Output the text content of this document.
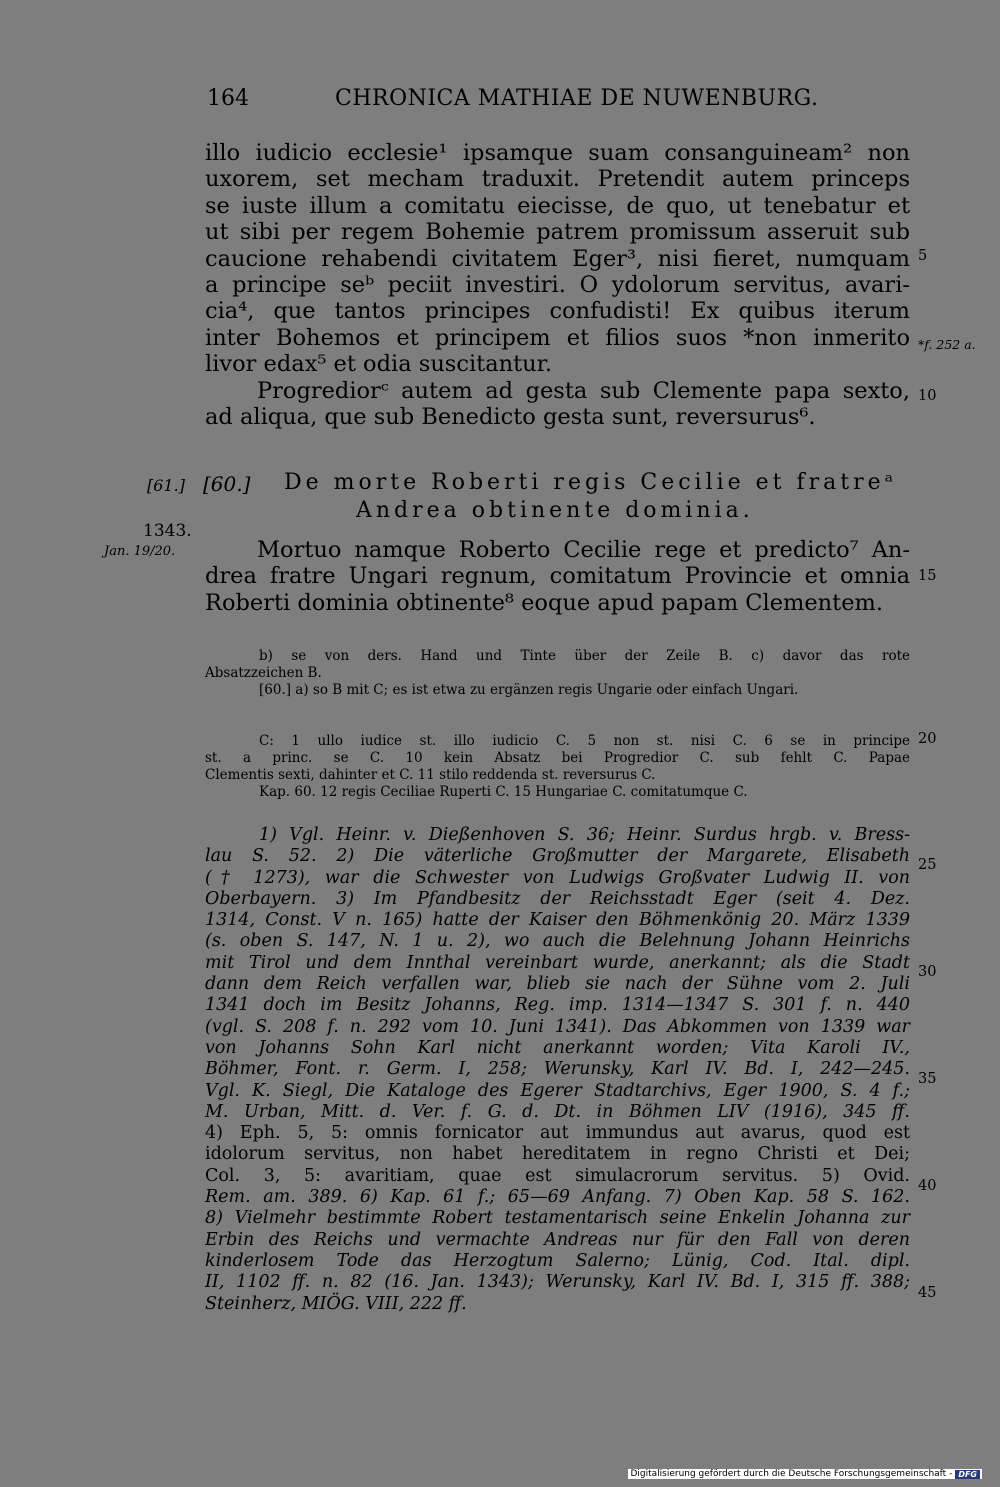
164	CHRONICA MATHIAE DE NUWENBURG.
illo iudicio ecclesie¹ ipsamque suam consanguineam² non
uxorem, set mecham traduxit. Pretendit autem princeps
se iuste illum a comitatu eiecisse, de quo, ut tenebatur et
ut sibi per regem Bohemie patrem promissum asseruit sub
caucione rehabendi civitatem Eger³, nisi fieret, numquam
a principe seᵇ peciit investiri. O ydolorum servitus, avari-
cia⁴, que tantos principes confudisti! Ex quibus iterum
inter Bohemos et principem et filios suos *non inmerito
livor edax⁵ et odia suscitantur.
Progrediorᶜ autem ad gesta sub Clemente papa sexto,
ad aliqua, que sub Benedicto gesta sunt, reversurus⁶.
5
*f. 252 a.
10
[61.] [60.] De morte Roberti regis Cecilie et fratreᵃ
Andrea obtinente dominia.
1343.
Jan. 19/20.	Mortuo namque Roberto Cecilie rege et predicto⁷ An-
drea fratre Ungari regnum, comitatum Provincie et omnia
Roberti dominia obtinente⁸ eoque apud papam Clementem.
15
b) se von ders. Hand und Tinte über der Zeile B. c) davor das rote
Absatzzeichen B.
[60.] a) so B mit C; es ist etwa zu ergänzen regis Ungarie oder einfach Ungari.
C: 1 ullo iudice st. illo iudicio C. 5 non st. nisi C. 6 se in principe
st. a princ. se C. 10 kein Absatz bei Progredior C. sub fehlt C. Papae
Clementis sexti, dahinter et C. 11 stilo reddenda st. reversurus C.
Kap. 60. 12 regis Ceciliae Ruperti C. 15 Hungariae C. comitatumque C.
20
1) Vgl. Heinr. v. Dießenhoven S. 36; Heinr. Surdus hrgb. v. Bress-
lau S. 52. 2) Die väterliche Großmutter der Margarete, Elisabeth
(† 1273), war die Schwester von Ludwigs Großvater Ludwig II. von
Oberbayern. 3) Im Pfandbesitz der Reichsstadt Eger (seit 4. Dez.
1314, Const. V n. 165) hatte der Kaiser den Böhmenkönig 20. März 1339
(s. oben S. 147, N. 1 u. 2), wo auch die Belehnung Johann Heinrichs
mit Tirol und dem Innthal vereinbart wurde, anerkannt; als die Stadt
dann dem Reich verfallen war, blieb sie nach der Sühne vom 2. Juli
1341 doch im Besitz Johanns, Reg. imp. 1314—1347 S. 301 f. n. 440
(vgl. S. 208 f. n. 292 vom 10. Juni 1341). Das Abkommen von 1339 war
von Johanns Sohn Karl nicht anerkannt worden; Vita Karoli IV.,
Böhmer, Font. r. Germ. I, 258; Werunsky, Karl IV. Bd. I, 242—245.
Vgl. K. Siegl, Die Kataloge des Egerer Stadtarchivs, Eger 1900, S. 4 f.;
M. Urban, Mitt. d. Ver. f. G. d. Dt. in Böhmen LIV (1916), 345 ff.
4) Eph. 5, 5: omnis fornicator aut immundus aut avarus, quod est
idolorum servitus, non habet hereditatem in regno Christi et Dei;
Col. 3, 5: avaritiam, quae est simulacrorum servitus. 5) Ovid.
Rem. am. 389. 6) Kap. 61 f.; 65—69 Anfang. 7) Oben Kap. 58 S. 162.
8) Vielmehr bestimmte Robert testamentarisch seine Enkelin Johanna zur
Erbin des Reichs und vermachte Andreas nur für den Fall von deren
kinderlosem Tode das Herzogtum Salerno; Lünig, Cod. Ital. dipl.
II, 1102 ff. n. 82 (16. Jan. 1343); Werunsky, Karl IV. Bd. I, 315 ff. 388;
Steinherz, MIÖG. VIII, 222 ff.
25
30
35
40
45
Digitalisierung gefördert durch die Deutsche Forschungsgemeinschaft - DFG
